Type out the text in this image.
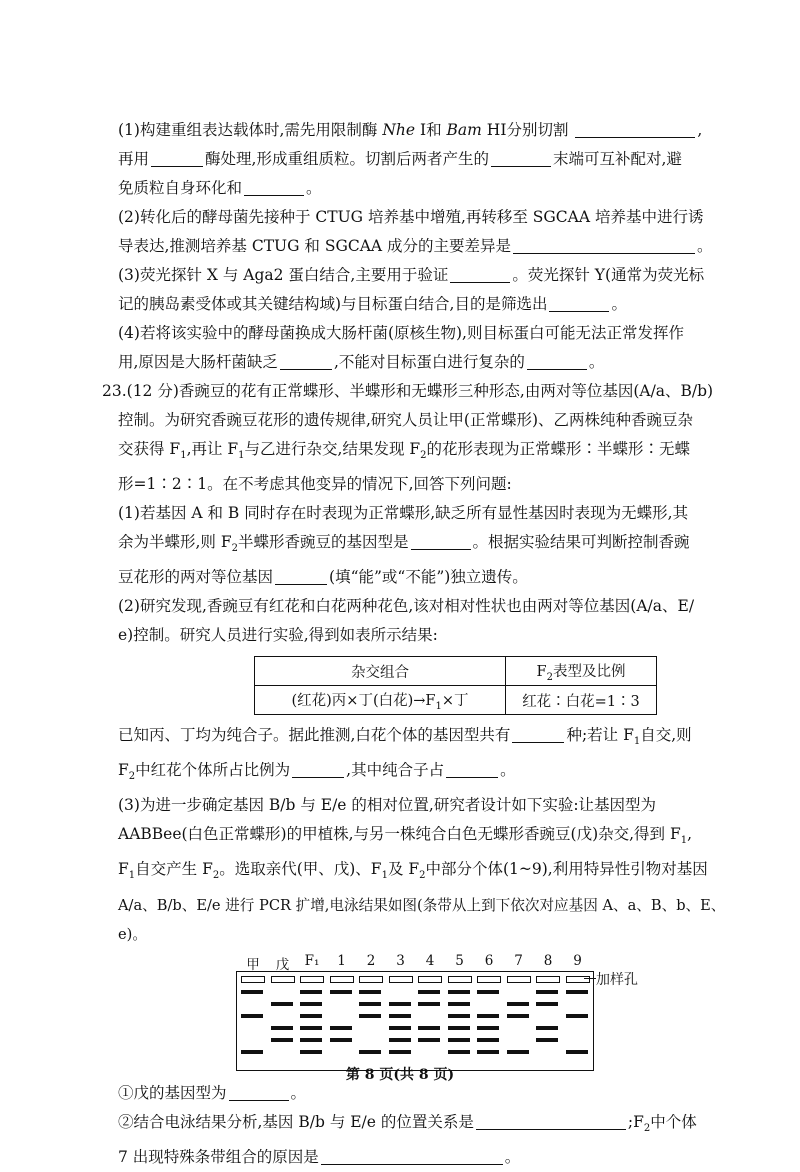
(1)构建重组表达载体时,需先用限制酶 Nhe Ⅰ和 Bam HⅠ分别切割	,

再用	酶处理,形成重组质粒。切割后两者产生的	末端可互补配对,避

免质粒自身环化和	。

(2)转化后的酵母菌先接种于 CTUG 培养基中增殖,再转移至 SGCAA 培养基中进行诱

导表达,推测培养基 CTUG 和 SGCAA 成分的主要差异是	。

(3)荧光探针 X 与 Aga2 蛋白结合,主要用于验证	。荧光探针 Y(通常为荧光标

记的胰岛素受体或其关键结构域)与目标蛋白结合,目的是筛选出	。

(4)若将该实验中的酵母菌换成大肠杆菌(原核生物),则目标蛋白可能无法正常发挥作

用,原因是大肠杆菌缺乏	,不能对目标蛋白进行复杂的	。

23.(12 分)香豌豆的花有正常蝶形、半蝶形和无蝶形三种形态,由两对等位基因(A/a、B/b)

控制。为研究香豌豆花形的遗传规律,研究人员让甲(正常蝶形)、乙两株纯种香豌豆杂

交获得 $F_1$,再让 $F_1$与乙进行杂交,结果发现 $F_2$的花形表现为正常蝶形∶半蝶形∶无蝶

形=1∶2∶1。在不考虑其他变异的情况下,回答下列问题:

(1)若基因 A 和 B 同时存在时表现为正常蝶形,缺乏所有显性基因时表现为无蝶形,其

余为半蝶形,则 $F_2$半蝶形香豌豆的基因型是	。根据实验结果可判断控制香豌

豆花形的两对等位基因	(填“能”或“不能”)独立遗传。

(2)研究发现,香豌豆有红花和白花两种花色,该对相对性状也由两对等位基因(A/a、E/

e)控制。研究人员进行实验,得到如表所示结果:

杂交组合	$F_2$表型及比例
(红花)丙×丁(白花)$\to F_1\times$丁	红花∶白花=1∶3

已知丙、丁均为纯合子。据此推测,白花个体的基因型共有	种;若让 $F_1$自交,则

$F_2$中红花个体所占比例为	,其中纯合子占	。

(3)为进一步确定基因 B/b 与 E/e 的相对位置,研究者设计如下实验:让基因型为

AABBee(白色正常蝶形)的甲植株,与另一株纯合白色无蝶形香豌豆(戊)杂交,得到 $F_1$,

$F_1$自交产生 $F_2$。选取亲代(甲、戊)、$F_1$及 $F_2$中部分个体(1~9),利用特异性引物对基因

A/a、B/b、E/e 进行 PCR 扩增,电泳结果如图(条带从上到下依次对应基因 A、a、B、b、E、e)。

甲	戊	F₁	1	2	3	4	5	6	7	8	9
加样孔

①戊的基因型为	。

②结合电泳结果分析,基因 B/b 与 E/e 的位置关系是	$;F_2$中个体

7 出现特殊条带组合的原因是	。

第 8 页(共 8 页)
